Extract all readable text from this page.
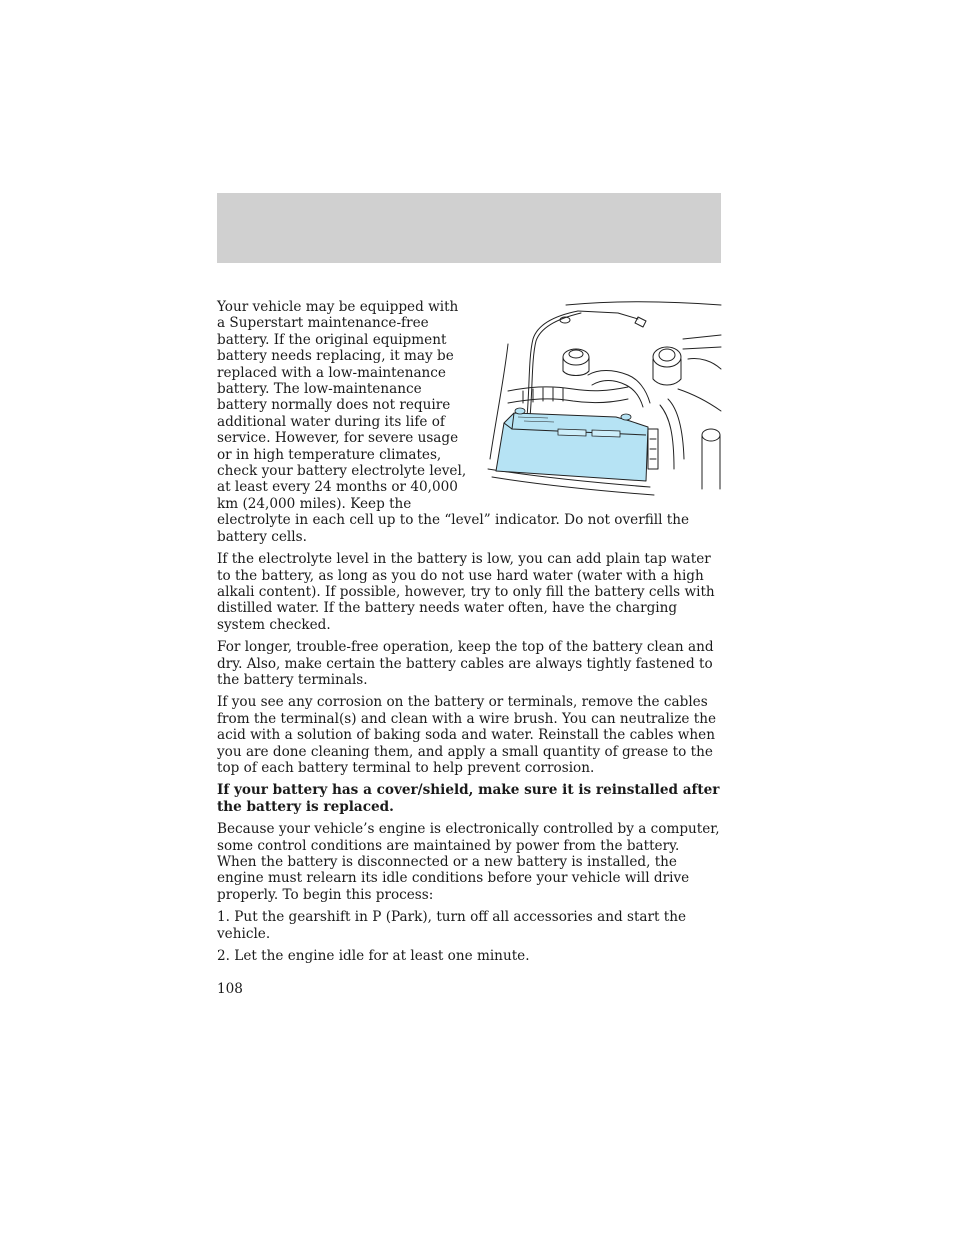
Your vehicle may be equipped with a Superstart maintenance-free battery. If the original equipment battery needs replacing, it may be replaced with a low-maintenance battery. The low-maintenance battery normally does not require additional water during its life of service. However, for severe usage or in high temperature climates, check your battery electrolyte level, at least every 24 months or 40,000 km (24,000 miles). Keep the electrolyte in each cell up to the “level” indicator. Do not overfill the battery cells.

If the electrolyte level in the battery is low, you can add plain tap water to the battery, as long as you do not use hard water (water with a high alkali content). If possible, however, try to only fill the battery cells with distilled water. If the battery needs water often, have the charging system checked.

For longer, trouble-free operation, keep the top of the battery clean and dry. Also, make certain the battery cables are always tightly fastened to the battery terminals.

If you see any corrosion on the battery or terminals, remove the cables from the terminal(s) and clean with a wire brush. You can neutralize the acid with a solution of baking soda and water. Reinstall the cables when you are done cleaning them, and apply a small quantity of grease to the top of each battery terminal to help prevent corrosion.

If your battery has a cover/shield, make sure it is reinstalled after the battery is replaced.

Because your vehicle’s engine is electronically controlled by a computer, some control conditions are maintained by power from the battery. When the battery is disconnected or a new battery is installed, the engine must relearn its idle conditions before your vehicle will drive properly. To begin this process:

1. Put the gearshift in P (Park), turn off all accessories and start the vehicle.

2. Let the engine idle for at least one minute.

108
